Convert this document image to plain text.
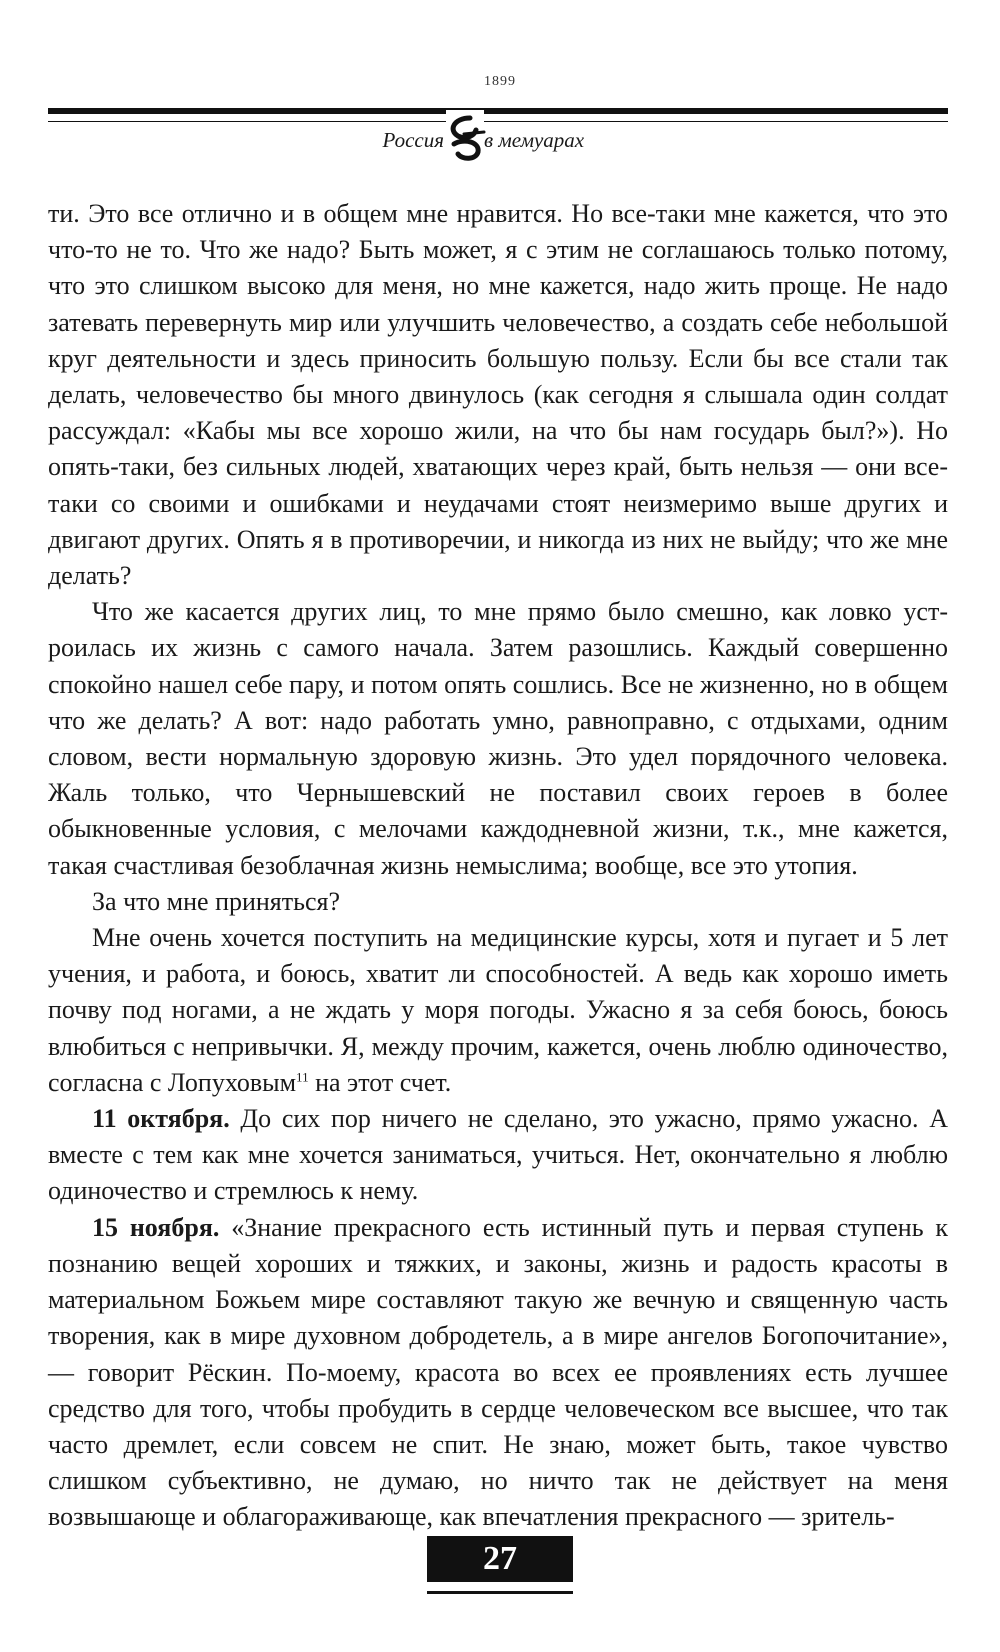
1899
Россия в мемуарах

ти. Это все отлично и в общем мне нравится. Но все-таки мне кажется, что это что-то не то. Что же надо? Быть может, я с этим не соглашаюсь только потому, что это слишком высоко для меня, но мне кажется, надо жить проще. Не надо затевать перевернуть мир или улучшить человечество, а создать себе небольшой круг деятельности и здесь приносить большую пользу. Если бы все стали так делать, человечество бы много двинулось (как сегодня я слышала один солдат рассуждал: «Кабы мы все хорошо жили, на что бы нам государь был?»). Но опять-таки, без сильных людей, хватающих через край, быть нельзя — они все-таки со своими и ошибками и неудачами стоят неизмеримо выше других и двигают других. Опять я в противоречии, и никогда из них не выйду; что же мне делать?

Что же касается других лиц, то мне прямо было смешно, как ловко устроилась их жизнь с самого начала. Затем разошлись. Каждый совершенно спокойно нашел себе пару, и потом опять сошлись. Все не жизненно, но в общем что же делать? А вот: надо работать умно, равноправно, с отдыхами, одним словом, вести нормальную здоровую жизнь. Это удел порядочного человека. Жаль только, что Чернышевский не поставил своих героев в более обыкновенные условия, с мелочами каждодневной жизни, т.к., мне кажется, такая счастливая безоблачная жизнь немыслима; вообще, все это утопия.

За что мне приняться?

Мне очень хочется поступить на медицинские курсы, хотя и пугает и 5 лет учения, и работа, и боюсь, хватит ли способностей. А ведь как хорошо иметь почву под ногами, а не ждать у моря погоды. Ужасно я за себя боюсь, боюсь влюбиться с непривычки. Я, между прочим, кажется, очень люблю одиночество, согласна с Лопуховым$^{11}$ на этот счет.

11 октября. До сих пор ничего не сделано, это ужасно, прямо ужасно. А вместе с тем как мне хочется заниматься, учиться. Нет, окончательно я люблю одиночество и стремлюсь к нему.

15 ноября. «Знание прекрасного есть истинный путь и первая ступень к познанию вещей хороших и тяжких, и законы, жизнь и радость красоты в материальном Божьем мире составляют такую же вечную и священную часть творения, как в мире духовном добродетель, а в мире ангелов Богопочитание», — говорит Рёскин. По-моему, красота во всех ее проявлениях есть лучшее средство для того, чтобы пробудить в сердце человеческом все высшее, что так часто дремлет, если совсем не спит. Не знаю, может быть, такое чувство слишком субъективно, не думаю, но ничто так не действует на меня возвышающе и облагораживающе, как впечатления прекрасного — зритель-

27
